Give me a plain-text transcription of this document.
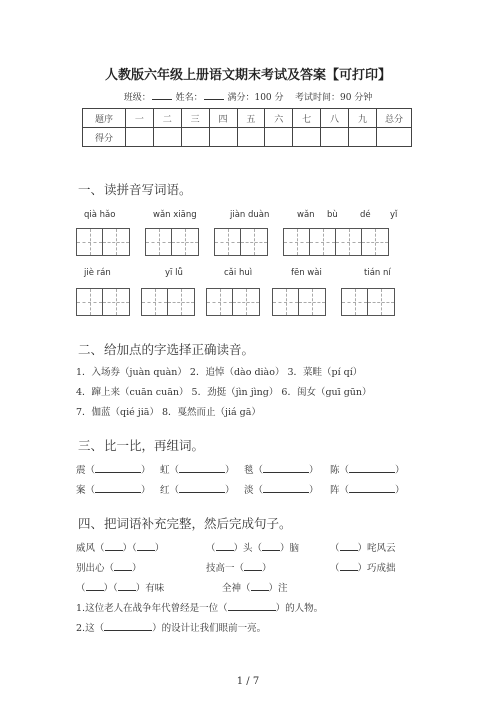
人教版六年级上册语文期末考试及答案【可打印】
班级：	姓名：	满分：100 分 考试时间：90 分钟
题序	一	二	三	四	五	六	七	八	九	总分
得分										
一、读拼音写词语。
qià hǎo	wǎn xiāng	jiàn duàn	wǎn bù	dé yǐ
jiè rán	yī lǚ	cǎi huì	fēn wài	tián ní
二、给加点的字选择正确读音。
1．入场券（juàn quàn） 2．追悼（dào diào） 3．菜畦（pí qí）
4．蹿上来（cuān cuān） 5．劲挺（jìn jìng） 6．闺女（guī gūn）
7．伽蓝（qié jiā） 8．戛然而止（jiá gā）
三、比一比，再组词。
震（	） 虹（	） 毯（	） 陈（	）
案（	） 红（	） 淡（	） 阵（	）
四、把词语补充完整，然后完成句子。
威风（ ）（ ）	（ ）头（ ）脑	（ ）咤风云
别出心（ ）	技高一（ ）	（ ）巧成拙
（ ）（ ）有味	全神（ ）注
1.这位老人在战争年代曾经是一位（	）的人物。
2.这（	）的设计让我们眼前一亮。
1 / 7
